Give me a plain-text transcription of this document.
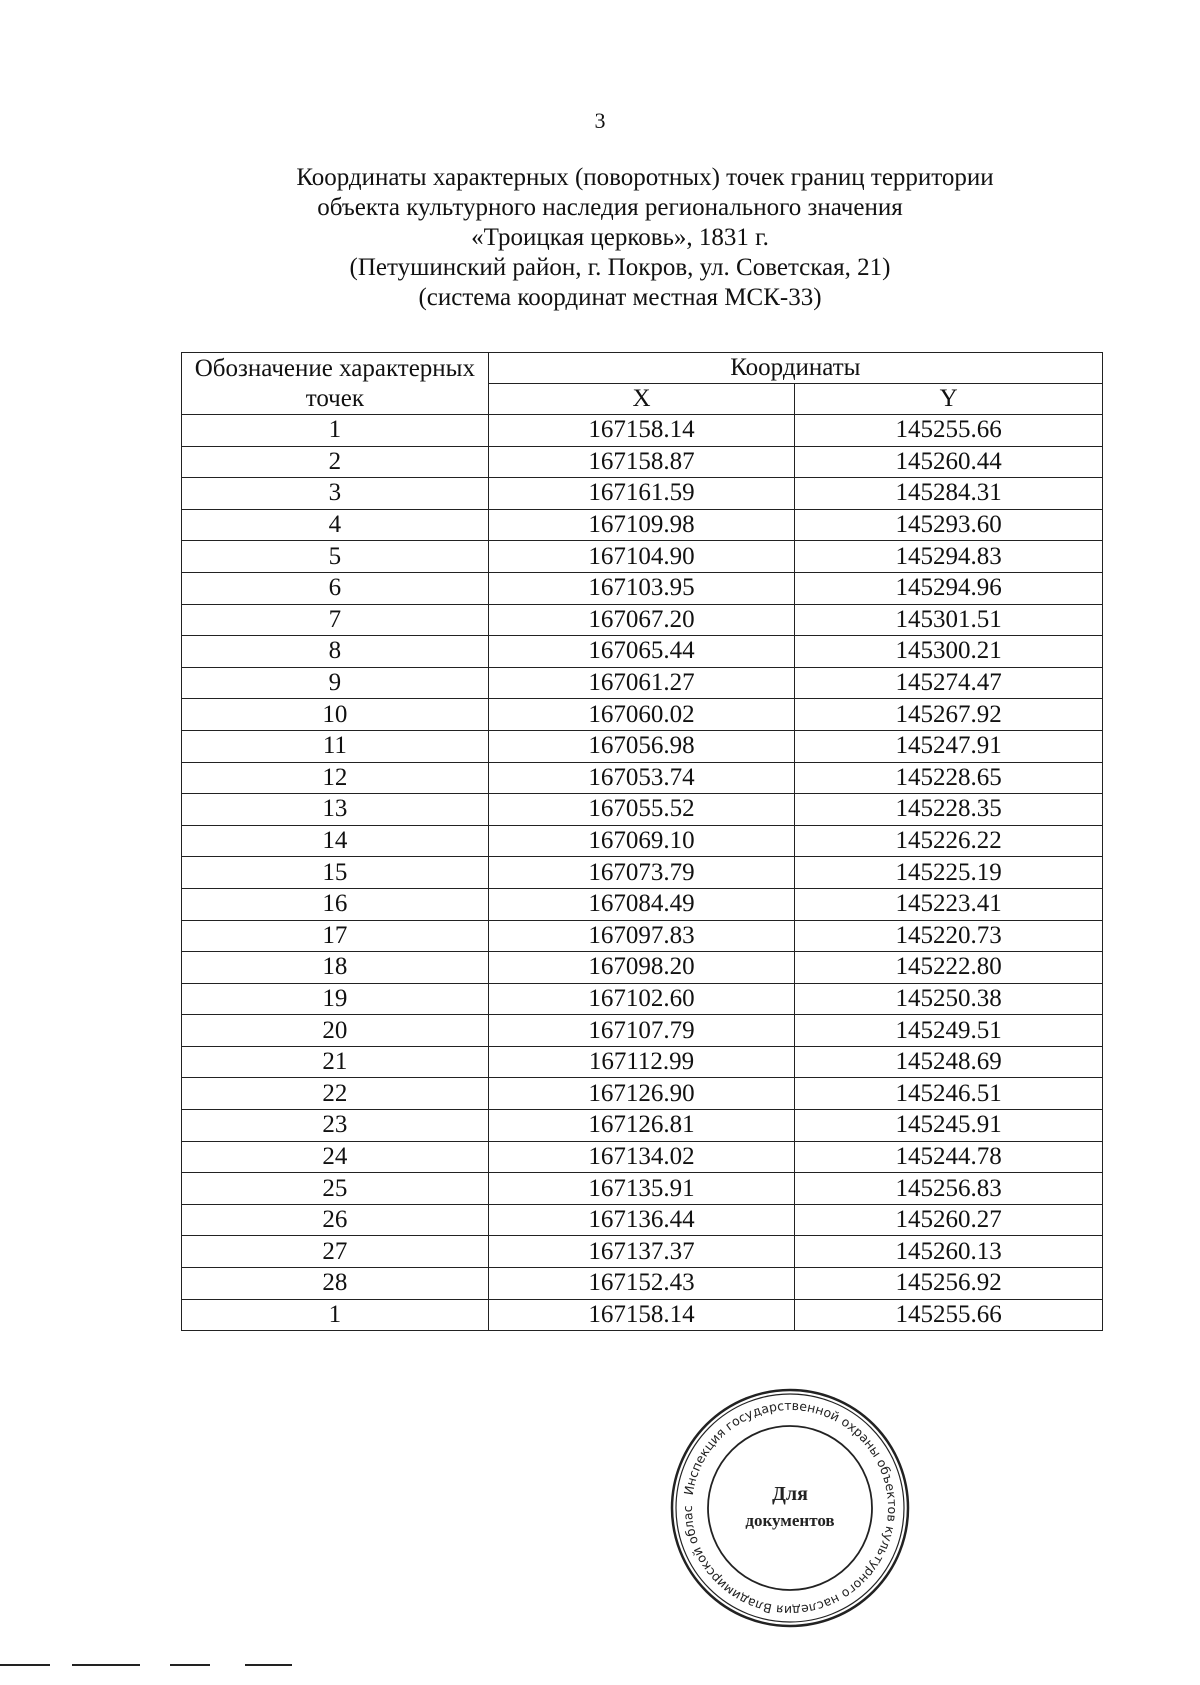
3
Координаты характерных (поворотных) точек границ территории
объекта культурного наследия регионального значения
«Троицкая церковь», 1831 г.
(Петушинский район, г. Покров, ул. Советская, 21)
(система координат местная МСК-33)
Обозначение характерных точек	Координаты	
	X	Y
1	167158.14	145255.66
2	167158.87	145260.44
3	167161.59	145284.31
4	167109.98	145293.60
5	167104.90	145294.83
6	167103.95	145294.96
7	167067.20	145301.51
8	167065.44	145300.21
9	167061.27	145274.47
10	167060.02	145267.92
11	167056.98	145247.91
12	167053.74	145228.65
13	167055.52	145228.35
14	167069.10	145226.22
15	167073.79	145225.19
16	167084.49	145223.41
17	167097.83	145220.73
18	167098.20	145222.80
19	167102.60	145250.38
20	167107.79	145249.51
21	167112.99	145248.69
22	167126.90	145246.51
23	167126.81	145245.91
24	167134.02	145244.78
25	167135.91	145256.83
26	167136.44	145260.27
27	167137.37	145260.13
28	167152.43	145256.92
1	167158.14	145255.66
Инспекция государственной охраны объектов культурного наследия Владимирской облас
Для
документов
